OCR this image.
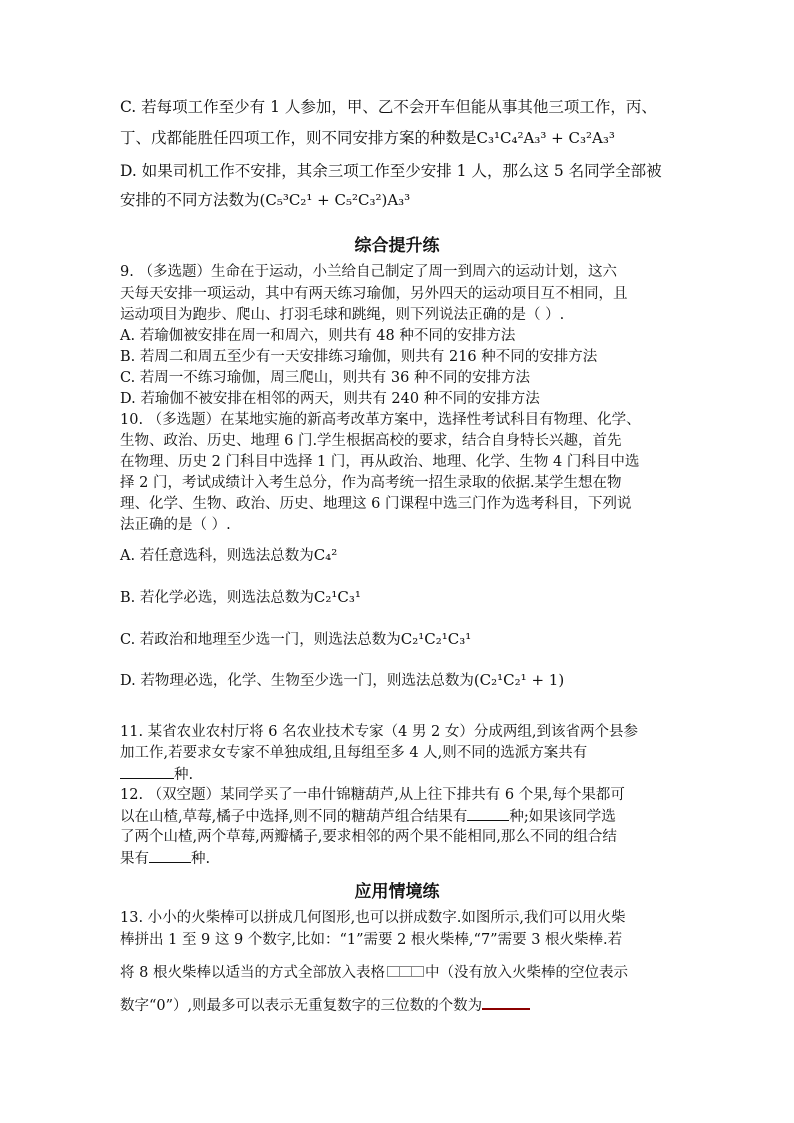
C. 若每项工作至少有 1 人参加，甲、乙不会开车但能从事其他三项工作，丙、
丁、戊都能胜任四项工作，则不同安排方案的种数是C₃¹C₄²A₃³ + C₃²A₃³
D. 如果司机工作不安排，其余三项工作至少安排 1 人，那么这 5 名同学全部被
安排的不同方法数为(C₅³C₂¹ + C₅²C₃²)A₃³
综合提升练
9. （多选题）生命在于运动，小兰给自己制定了周一到周六的运动计划，这六
天每天安排一项运动，其中有两天练习瑜伽，另外四天的运动项目互不相同，且
运动项目为跑步、爬山、打羽毛球和跳绳，则下列说法正确的是（ ）.
A. 若瑜伽被安排在周一和周六，则共有 48 种不同的安排方法
B. 若周二和周五至少有一天安排练习瑜伽，则共有 216 种不同的安排方法
C. 若周一不练习瑜伽，周三爬山，则共有 36 种不同的安排方法
D. 若瑜伽不被安排在相邻的两天，则共有 240 种不同的安排方法
10. （多选题）在某地实施的新高考改革方案中，选择性考试科目有物理、化学、
生物、政治、历史、地理 6 门.学生根据高校的要求，结合自身特长兴趣，首先
在物理、历史 2 门科目中选择 1 门，再从政治、地理、化学、生物 4 门科目中选
择 2 门，考试成绩计入考生总分，作为高考统一招生录取的依据.某学生想在物
理、化学、生物、政治、历史、地理这 6 门课程中选三门作为选考科目，下列说
法正确的是（ ）.
A. 若任意选科，则选法总数为C₄²
B. 若化学必选，则选法总数为C₂¹C₃¹
C. 若政治和地理至少选一门，则选法总数为C₂¹C₂¹C₃¹
D. 若物理必选，化学、生物至少选一门，则选法总数为(C₂¹C₂¹ + 1)
11. 某省农业农村厅将 6 名农业技术专家（4 男 2 女）分成两组,到该省两个县参
加工作,若要求女专家不单独成组,且每组至多 4 人,则不同的选派方案共有
种.
12. （双空题）某同学买了一串什锦糖葫芦,从上往下排共有 6 个果,每个果都可
以在山楂,草莓,橘子中选择,则不同的糖葫芦组合结果有	种;如果该同学选
了两个山楂,两个草莓,两瓣橘子,要求相邻的两个果不能相同,那么不同的组合结
果有	种.
应用情境练
13. 小小的火柴棒可以拼成几何图形,也可以拼成数字.如图所示,我们可以用火柴
棒拼出 1 至 9 这 9 个数字,比如：“1”需要 2 根火柴棒,“7”需要 3 根火柴棒.若
将 8 根火柴棒以适当的方式全部放入表格	中（没有放入火柴棒的空位表示
数字“0”）,则最多可以表示无重复数字的三位数的个数为
